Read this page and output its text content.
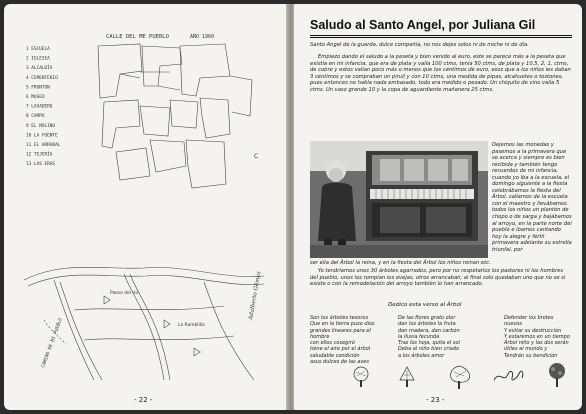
CALLE DEL ME PUEBLO	AÑO 1960
C
1 ESCUELA
2 IGLESIA
3 ALCALDÍA
4 CEMENTERIO
5 FRONTÓN
6 MUSEO
7 LAVADERO
8 CAMPO
9 EL MOLINO
10 LA FUENTE
11 EL ARRABAL
12 TEJERÍA
13 LAS ERAS
CAMINO DE MI PUEBLO
Paseo del río
La Ramblilla
Adalberto Gómez
- 22 -
Saludo al Santo Angel, por Juliana Gil
Santo Angel de la guarda, dulce compañía, no nos dejes solos ni de noche ni de día.
Empiezo dando el saludo a la peseta y bien venido al euro, este se parece más a la peseta que existía en mi infancia, que era de plata y valía 100 ctms, tenía 50 ctms, de plata y 10,5, 2, 1, ctms, de cobre y estos valían poco más o menos que los céntimos de euro, esos que a los niños les daban 3 céntimos y se compraban un pirulí y con 10 ctms, una medida de pipas, alcahuetes o tostones, pues entonces no había nada embasado, todo era medido o pesado. Un chiquito de vino valía 5 ctms. Un vaso grande 10 y la copa de aguardiente mañanera 25 ctms.
Dejemos las monedas y pasemos a la primavera que se acerca y siempre es bien recibida y también tengo recuerdos de mi infancia, cuando yo iba a la escuela, el domingo siguiente a la fiesta celebrábamos la fiesta del Árbol, salíamos de la escuela con el maestro y llevábamos todos los niños un plantón de chopo o de sarga y bajábamos al arroyo, en la parte norte del pueblo e íbamos cantando hoy la alegre y fértil primavera adelante su estrella triunfal, por
ser ella del Árbol la reina, y en la fiesta del Árbol los niños reinan etc.
Yo tendríamos unos 30 árboles agarrados, pero por no respetarlos los pastores ni los hombres del pueblo, unos los rompían los ovejas, otros arrancaban, al final solo quedaban uno que no se si existe o con la remodelación del arroyo también lo han arrancado.
Dedico esta verso al Árbol
Son los árboles tesoros
Que en la tierra puso dios
grandes lineares para el hombre
con ellos cosegiró
tiene el aire por el árbol
saludable condición
asus dulces de las aves
De las flores grato olor
dan los árboles la fruta
dan madera, dan carbón
la lluvia fecunda
Tras los hoja, quita el sol
Deba al niño bien criado
a los árboles amor
Defender los brotes
nuevos
Y evitar su destrucción
Y estaremos en un tiempo
Árbol niño y las dos serán
útiles al mundo y
Tendrán su bendición
- 23 -
